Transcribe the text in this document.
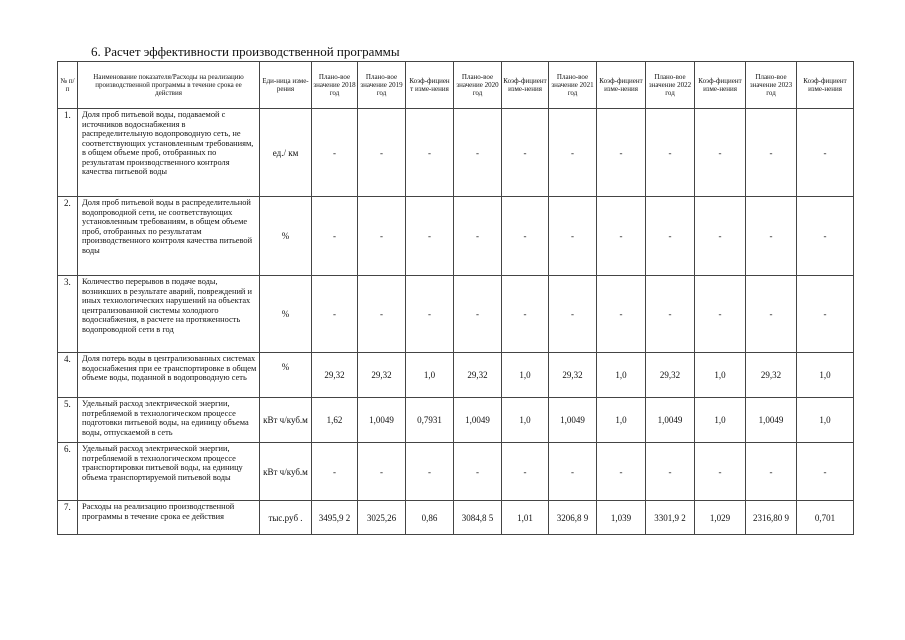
6. Расчет эффективности производственной программы
№ п/п	Наименование показателя/Расходы на реализацию производственной программы в течение срока ее действия	Еди-ница изме-рения	Плано-вое значение 2018 год	Плано-вое значение 2019 год	Коэф-фициен т изме-нения	Плано-вое значение 2020 год	Коэф-фициент изме-нения	Плано-вое значение 2021 год	Коэф-фициент изме-нения	Плано-вое значение 2022 год	Коэф-фициент изме-нения	Плано-вое значение 2023 год	Коэф-фициент изме-нения
1.	Доля проб питьевой воды, подаваемой с источников водоснабжения в распределительную водопроводную сеть, не соответствующих установленным требованиям, в общем объеме проб, отобранных по результатам производственного контроля качества питьевой воды	ед./ км	-	-	-	-	-	-	-	-	-	-	-
2.	Доля проб питьевой воды в распределительной водопроводной сети, не соответствующих установленным требованиям, в общем объеме проб, отобранных по результатам производственного контроля качества питьевой воды	%	-	-	-	-	-	-	-	-	-	-	-
3.	Количество перерывов в подаче воды, возникших в результате аварий, повреждений и иных технологических нарушений на объектах централизованной системы холодного водоснабжения, в расчете на протяженность водопроводной сети в год	%	-	-	-	-	-	-	-	-	-	-	-
4.	Доля потерь воды в централизованных системах водоснабжения при ее транспортировке в общем объеме воды, поданной в водопроводную сеть	%	29,32	29,32	1,0	29,32	1,0	29,32	1,0	29,32	1,0	29,32	1,0
5.	Удельный расход электрической энергии, потребляемой в технологическом процессе подготовки питьевой воды, на единицу объема воды, отпускаемой в сеть	кВт ч/куб.м	1,62	1,0049	0,7931	1,0049	1,0	1,0049	1,0	1,0049	1,0	1,0049	1,0
6.	Удельный расход электрической энергии, потребляемой в технологическом процессе транспортировки питьевой воды, на единицу объема транспортируемой питьевой воды	кВт ч/куб.м	-	-	-	-	-	-	-	-	-	-	-
7.	Расходы на реализацию производственной программы в течение срока ее действия	тыс.руб .	3495,9 2	3025,26	0,86	3084,8 5	1,01	3206,8 9	1,039	3301,9 2	1,029	2316,80 9	0,701
